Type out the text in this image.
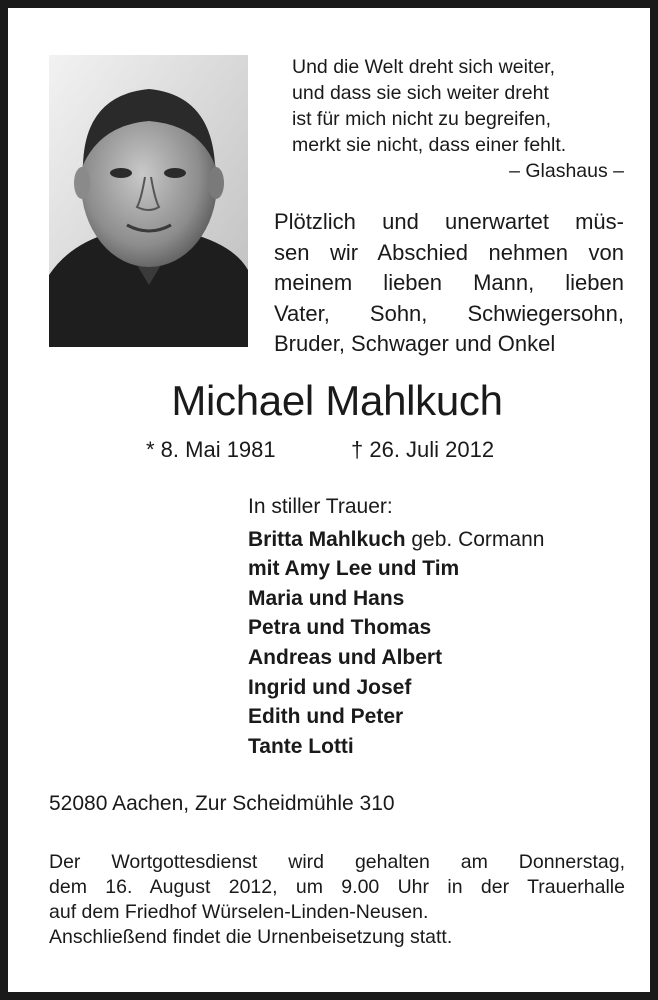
Und die Welt dreht sich weiter,
und dass sie sich weiter dreht
ist für mich nicht zu begreifen,
merkt sie nicht, dass einer fehlt.
– Glashaus –
Plötzlich und unerwartet müs-
sen wir Abschied nehmen von
meinem lieben Mann, lieben
Vater, Sohn, Schwiegersohn,
Bruder, Schwager und Onkel
Michael Mahlkuch
* 8. Mai 1981	† 26. Juli 2012
In stiller Trauer:
Britta Mahlkuch geb. Cormann
mit Amy Lee und Tim
Maria und Hans
Petra und Thomas
Andreas und Albert
Ingrid und Josef
Edith und Peter
Tante Lotti
52080 Aachen, Zur Scheidmühle 310
Der Wortgottesdienst wird gehalten am Donnerstag,
dem 16. August 2012, um 9.00 Uhr in der Trauerhalle
auf dem Friedhof Würselen-Linden-Neusen.
Anschließend findet die Urnenbeisetzung statt.
